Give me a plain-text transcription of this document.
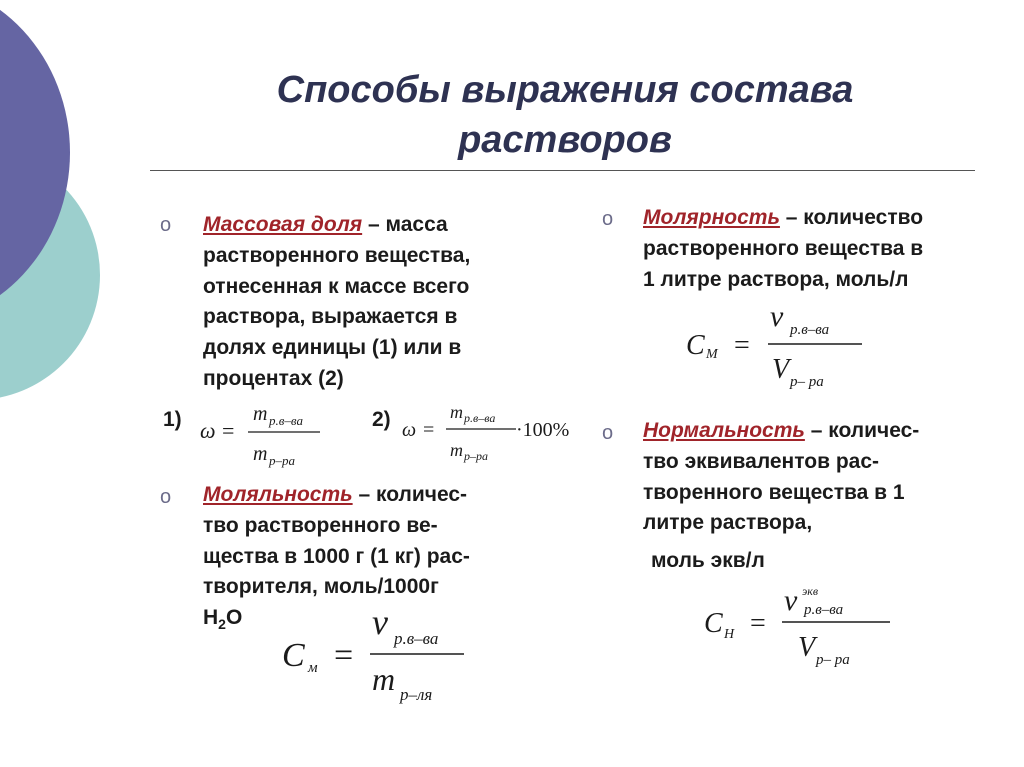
Способы выражения состава
растворов
o	Массовая доля – масса
растворенного вещества,
отнесенная к массе всего
раствора, выражается в
долях единицы (1) или в
процентах (2)
1)	2)
ω =
m р.в–ва
m р–ра
ω =
m р.в–ва
m р–ра
·100%
o	Моляльность – количес-
тво растворенного ве-
щества в 1000 г (1 кг) рас-
творителя, моль/1000г
$H_2O$
C м =
ν р.в–ва
m р–ля
o	Молярность – количество
растворенного вещества в
1 литре раствора, моль/л
C M =
ν р.в–ва
V р– ра
o	Нормальность – количес-
тво эквивалентов рас-
творенного вещества в 1
литре раствора,
моль экв/л
C Н =
ν экв
р.в–ва
V р– ра
